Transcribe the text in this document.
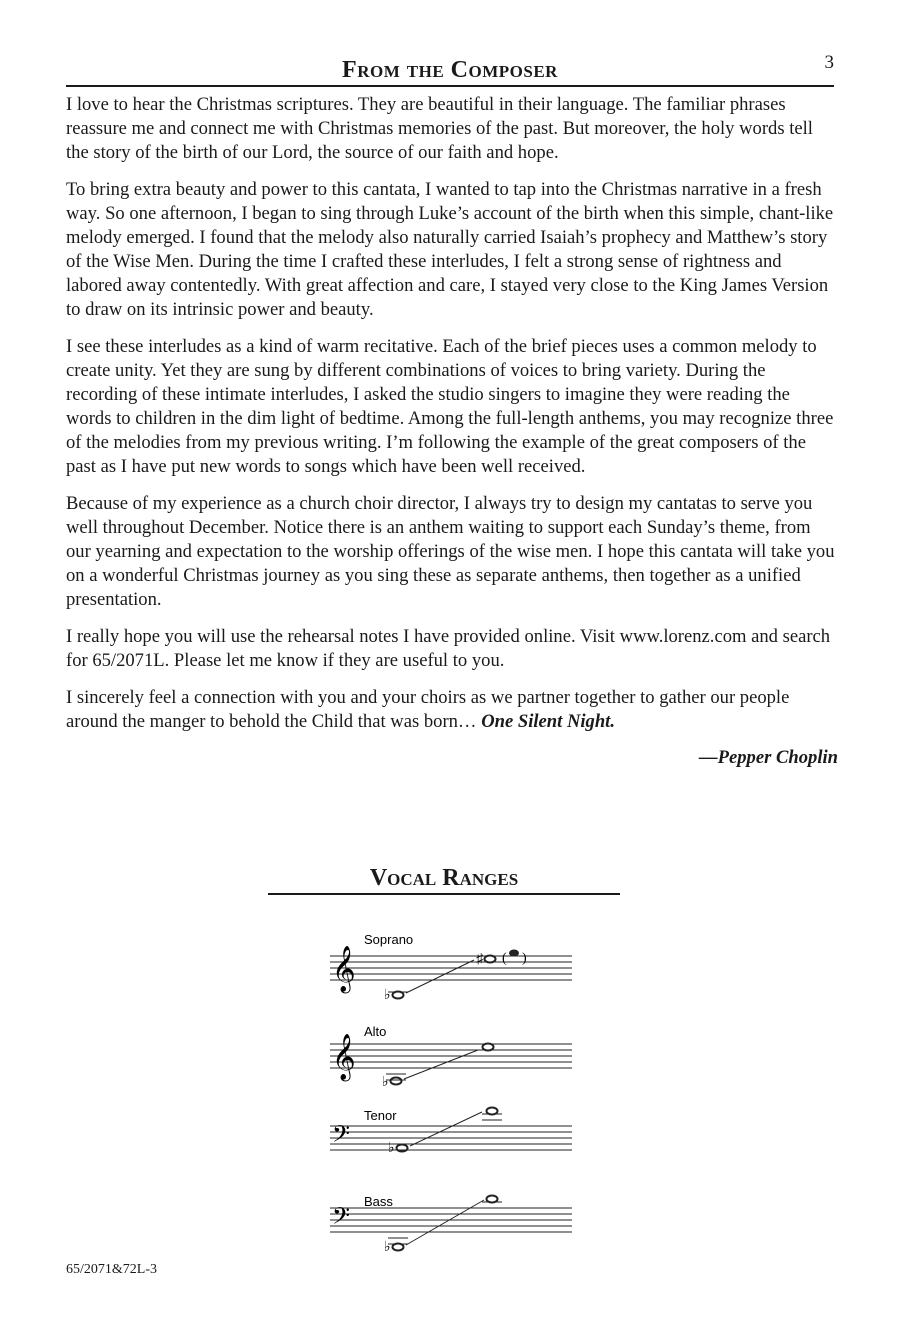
3
From the Composer

I love to hear the Christmas scriptures. They are beautiful in their language. The familiar phrases reassure me and connect me with Christmas memories of the past. But moreover, the holy words tell the story of the birth of our Lord, the source of our faith and hope.

To bring extra beauty and power to this cantata, I wanted to tap into the Christmas narrative in a fresh way. So one afternoon, I began to sing through Luke’s account of the birth when this simple, chant-like melody emerged. I found that the melody also naturally carried Isaiah’s prophecy and Matthew’s story of the Wise Men. During the time I crafted these interludes, I felt a strong sense of rightness and labored away contentedly. With great affection and care, I stayed very close to the King James Version to draw on its intrinsic power and beauty.

I see these interludes as a kind of warm recitative. Each of the brief pieces uses a common melody to create unity. Yet they are sung by different combinations of voices to bring variety. During the recording of these intimate interludes, I asked the studio singers to imagine they were reading the words to children in the dim light of bedtime. Among the full-length anthems, you may recognize three of the melodies from my previous writing. I’m following the example of the great composers of the past as I have put new words to songs which have been well received.

Because of my experience as a church choir director, I always try to design my cantatas to serve you well throughout December. Notice there is an anthem waiting to support each Sunday’s theme, from our yearning and expectation to the worship offerings of the wise men. I hope this cantata will take you on a wonderful Christmas journey as you sing these as separate anthems, then together as a unified presentation.

I really hope you will use the rehearsal notes I have provided online. Visit www.lorenz.com and search for 65/2071L. Please let me know if they are useful to you.

I sincerely feel a connection with you and your choirs as we partner together to gather our people around the manger to behold the Child that was born… One Silent Night.

—Pepper Choplin
Vocal Ranges
Soprano
𝄞
♭
♯ ( )
Alto
𝄞
♭
Tenor
𝄢	♭
Bass
𝄢
♭
65/2071&72L-3
